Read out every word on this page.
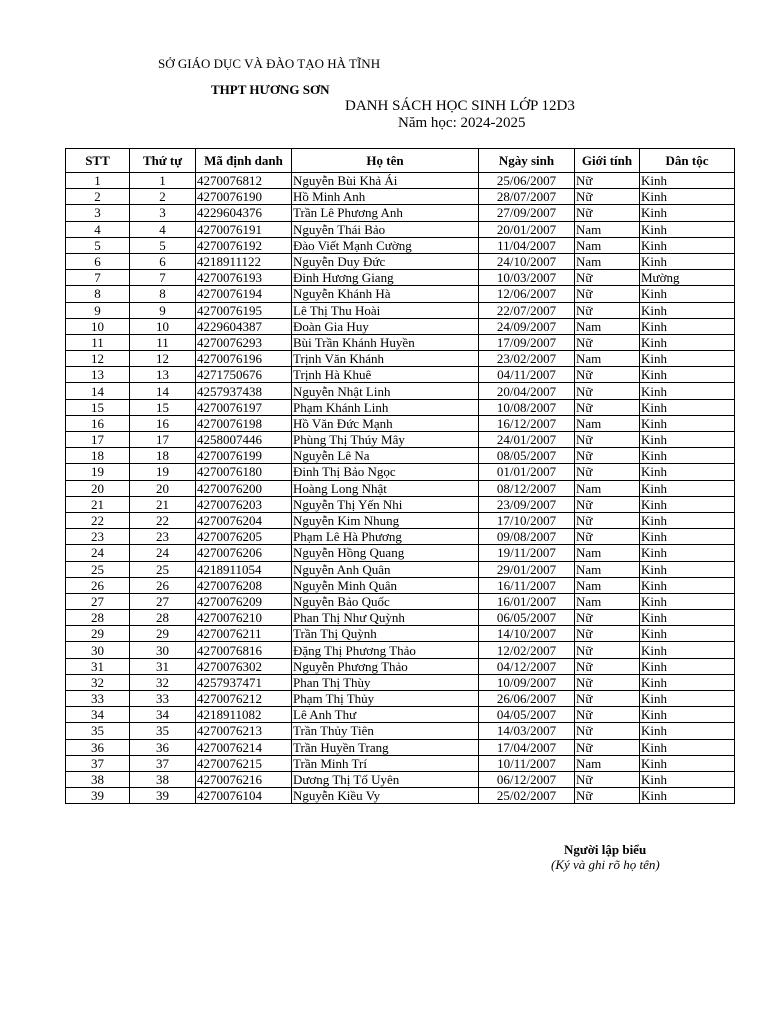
SỞ GIÁO DỤC VÀ ĐÀO TẠO HÀ TĨNH
THPT HƯƠNG SƠN
DANH SÁCH HỌC SINH LỚP 12D3
Năm học: 2024-2025
STT	Thứ tự	Mã định danh	Họ tên	Ngày sinh	Giới tính	Dân tộc
1	1	4270076812	Nguyễn Bùi Khả Ái	25/06/2007	Nữ	Kinh
2	2	4270076190	Hồ Minh Anh	28/07/2007	Nữ	Kinh
3	3	4229604376	Trần Lê Phương Anh	27/09/2007	Nữ	Kinh
4	4	4270076191	Nguyễn Thái Bảo	20/01/2007	Nam	Kinh
5	5	4270076192	Đào Viết Mạnh Cường	11/04/2007	Nam	Kinh
6	6	4218911122	Nguyễn Duy Đức	24/10/2007	Nam	Kinh
7	7	4270076193	Đinh Hương Giang	10/03/2007	Nữ	Mường
8	8	4270076194	Nguyễn Khánh Hà	12/06/2007	Nữ	Kinh
9	9	4270076195	Lê Thị Thu Hoài	22/07/2007	Nữ	Kinh
10	10	4229604387	Đoàn Gia Huy	24/09/2007	Nam	Kinh
11	11	4270076293	Bùi Trần Khánh Huyền	17/09/2007	Nữ	Kinh
12	12	4270076196	Trịnh Văn Khánh	23/02/2007	Nam	Kinh
13	13	4271750676	Trịnh Hà Khuê	04/11/2007	Nữ	Kinh
14	14	4257937438	Nguyễn Nhật Linh	20/04/2007	Nữ	Kinh
15	15	4270076197	Phạm Khánh Linh	10/08/2007	Nữ	Kinh
16	16	4270076198	Hồ Văn Đức Mạnh	16/12/2007	Nam	Kinh
17	17	4258007446	Phùng Thị Thúy Mây	24/01/2007	Nữ	Kinh
18	18	4270076199	Nguyễn Lê Na	08/05/2007	Nữ	Kinh
19	19	4270076180	Đinh Thị Bảo Ngọc	01/01/2007	Nữ	Kinh
20	20	4270076200	Hoàng Long Nhật	08/12/2007	Nam	Kinh
21	21	4270076203	Nguyễn Thị Yến Nhi	23/09/2007	Nữ	Kinh
22	22	4270076204	Nguyễn Kim Nhung	17/10/2007	Nữ	Kinh
23	23	4270076205	Phạm Lê Hà Phương	09/08/2007	Nữ	Kinh
24	24	4270076206	Nguyễn Hồng Quang	19/11/2007	Nam	Kinh
25	25	4218911054	Nguyễn Anh Quân	29/01/2007	Nam	Kinh
26	26	4270076208	Nguyễn Minh Quân	16/11/2007	Nam	Kinh
27	27	4270076209	Nguyễn Bảo Quốc	16/01/2007	Nam	Kinh
28	28	4270076210	Phan Thị Như Quỳnh	06/05/2007	Nữ	Kinh
29	29	4270076211	Trần Thị Quỳnh	14/10/2007	Nữ	Kinh
30	30	4270076816	Đặng Thị Phương Thảo	12/02/2007	Nữ	Kinh
31	31	4270076302	Nguyễn Phương Thảo	04/12/2007	Nữ	Kinh
32	32	4257937471	Phan Thị Thùy	10/09/2007	Nữ	Kinh
33	33	4270076212	Phạm Thị Thủy	26/06/2007	Nữ	Kinh
34	34	4218911082	Lê Anh Thư	04/05/2007	Nữ	Kinh
35	35	4270076213	Trần Thủy Tiên	14/03/2007	Nữ	Kinh
36	36	4270076214	Trần Huyền Trang	17/04/2007	Nữ	Kinh
37	37	4270076215	Trần Minh Trí	10/11/2007	Nam	Kinh
38	38	4270076216	Dương Thị Tố Uyên	06/12/2007	Nữ	Kinh
39	39	4270076104	Nguyễn Kiều Vy	25/02/2007	Nữ	Kinh
Người lập biểu
(Ký và ghi rõ họ tên)
